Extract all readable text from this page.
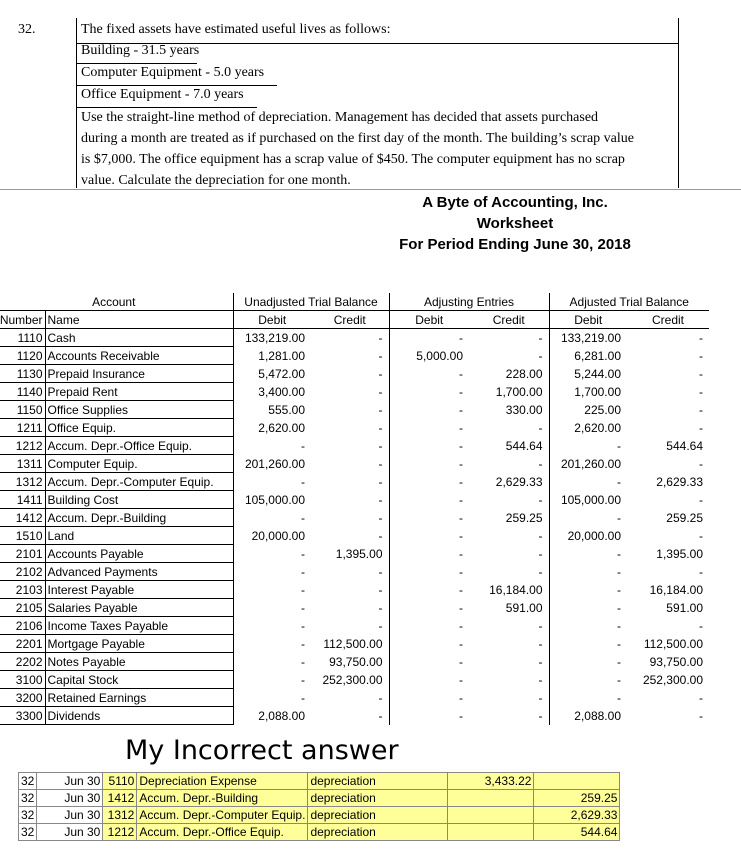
32.	The fixed assets have estimated useful lives as follows:
Building - 31.5 years
Computer Equipment - 5.0 years
Office Equipment - 7.0 years
Use the straight-line method of depreciation. Management has decided that assets purchased
during a month are treated as if purchased on the first day of the month. The building’s scrap value
is $7,000. The office equipment has a scrap value of $450. The computer equipment has no scrap
value. Calculate the depreciation for one month.
A Byte of Accounting, Inc.
Worksheet
For Period Ending June 30, 2018
Account		Unadjusted Trial Balance		Adjusting Entries		Adjusted Trial Balance	
Number	Name	Debit	Credit	Debit	Credit	Debit	Credit
1110	Cash	133,219.00	-	-	-	133,219.00	-
1120	Accounts Receivable	1,281.00	-	5,000.00	-	6,281.00	-
1130	Prepaid Insurance	5,472.00	-	-	228.00	5,244.00	-
1140	Prepaid Rent	3,400.00	-	-	1,700.00	1,700.00	-
1150	Office Supplies	555.00	-	-	330.00	225.00	-
1211	Office Equip.	2,620.00	-	-	-	2,620.00	-
1212	Accum. Depr.-Office Equip.	-	-	-	544.64	-	544.64
1311	Computer Equip.	201,260.00	-	-	-	201,260.00	-
1312	Accum. Depr.-Computer Equip.	-	-	-	2,629.33	-	2,629.33
1411	Building Cost	105,000.00	-	-	-	105,000.00	-
1412	Accum. Depr.-Building	-	-	-	259.25	-	259.25
1510	Land	20,000.00	-	-	-	20,000.00	-
2101	Accounts Payable	-	1,395.00	-	-	-	1,395.00
2102	Advanced Payments	-	-	-	-	-	-
2103	Interest Payable	-	-	-	16,184.00	-	16,184.00
2105	Salaries Payable	-	-	-	591.00	-	591.00
2106	Income Taxes Payable	-	-	-	-	-	-
2201	Mortgage Payable	-	112,500.00	-	-	-	112,500.00
2202	Notes Payable	-	93,750.00	-	-	-	93,750.00
3100	Capital Stock	-	252,300.00	-	-	-	252,300.00
3200	Retained Earnings	-	-	-	-	-	-
3300	Dividends	2,088.00	-	-	-	2,088.00	-
My Incorrect answer
32	Jun 30	5110	Depreciation Expense	depreciation	3,433.22	
32	Jun 30	1412	Accum. Depr.-Building	depreciation		259.25
32	Jun 30	1312	Accum. Depr.-Computer Equip.	depreciation		2,629.33
32	Jun 30	1212	Accum. Depr.-Office Equip.	depreciation		544.64
